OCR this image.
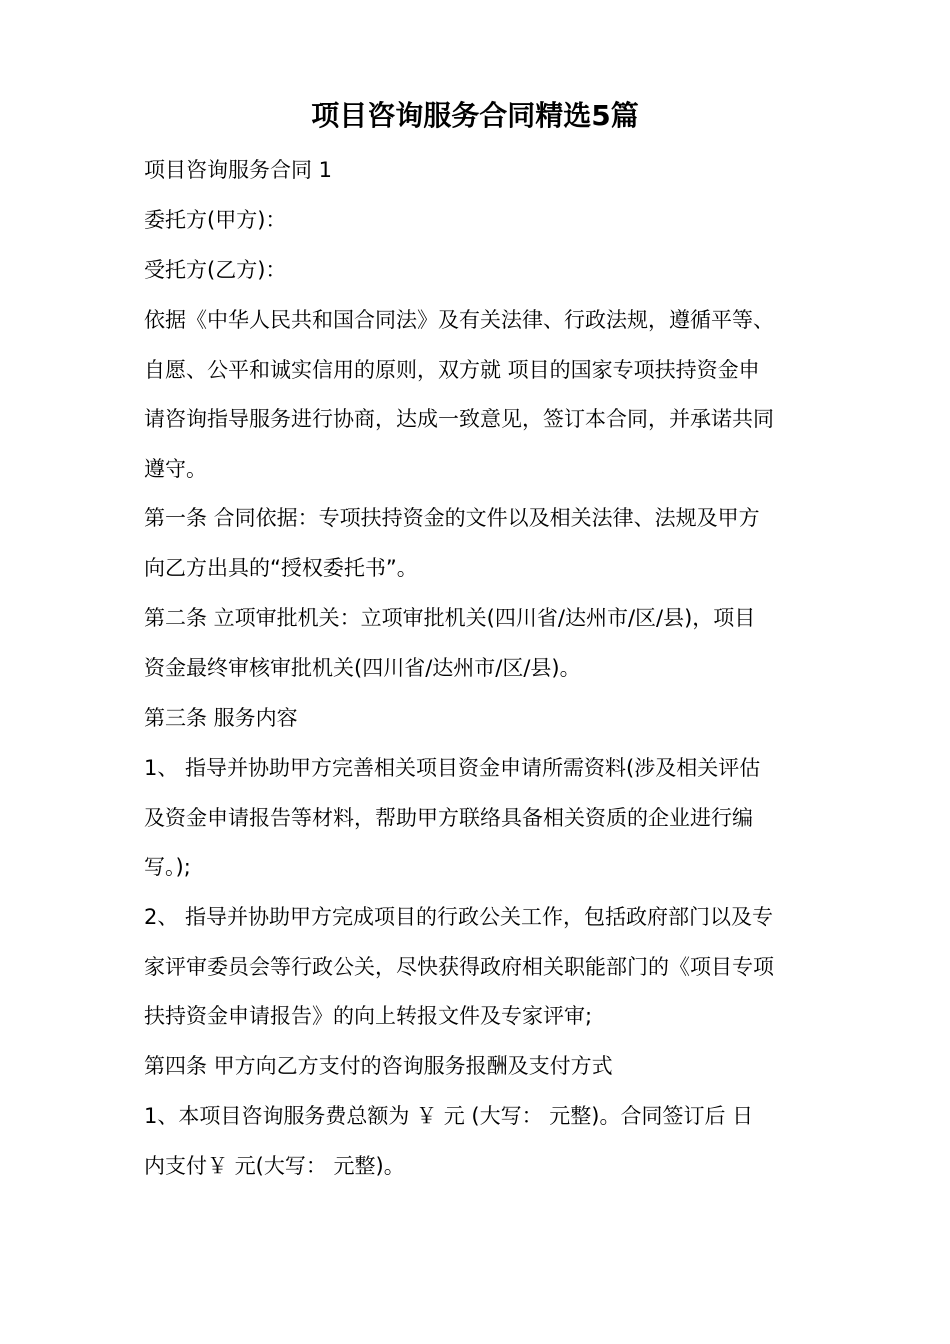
项目咨询服务合同精选5篇
项目咨询服务合同 1
委托方(甲方)：
受托方(乙方)：
依据《中华人民共和国合同法》及有关法律、行政法规，遵循平等、
自愿、公平和诚实信用的原则，双方就 项目的国家专项扶持资金申
请咨询指导服务进行协商，达成一致意见，签订本合同，并承诺共同
遵守。
第一条 合同依据：专项扶持资金的文件以及相关法律、法规及甲方
向乙方出具的“授权委托书”。
第二条 立项审批机关：立项审批机关(四川省/达州市/区/县)，项目
资金最终审核审批机关(四川省/达州市/区/县)。
第三条 服务内容
1、 指导并协助甲方完善相关项目资金申请所需资料(涉及相关评估
及资金申请报告等材料，帮助甲方联络具备相关资质的企业进行编
写。);
2、 指导并协助甲方完成项目的行政公关工作，包括政府部门以及专
家评审委员会等行政公关，尽快获得政府相关职能部门的《项目专项
扶持资金申请报告》的向上转报文件及专家评审;
第四条 甲方向乙方支付的咨询服务报酬及支付方式
1、本项目咨询服务费总额为 ￥ 元 (大写： 元整)。合同签订后 日
内支付￥ 元(大写： 元整)。
